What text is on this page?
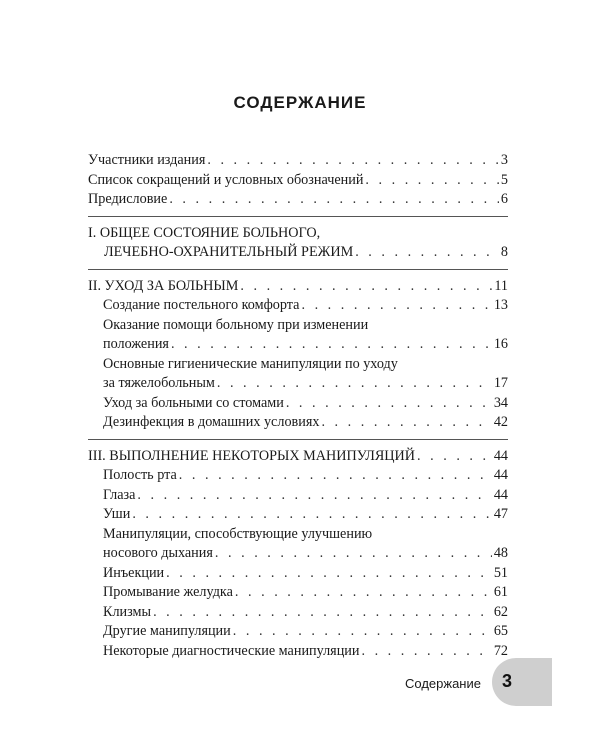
СОДЕРЖАНИЕ
Участники издания . . .	3
Список сокращений и условных обозначений . . .	5
Предисловие . . .	6
I. ОБЩЕЕ СОСТОЯНИЕ БОЛЬНОГО,
ЛЕЧЕБНО-ОХРАНИТЕЛЬНЫЙ РЕЖИМ . . .	8
II. УХОД ЗА БОЛЬНЫМ . . .	11
Создание постельного комфорта . . .	13
Оказание помощи больному при изменении
положения . . .	16
Основные гигиенические манипуляции по уходу
за тяжелобольным . . .	17
Уход за больными со стомами . . .	34
Дезинфекция в домашних условиях . . .	42
III. ВЫПОЛНЕНИЕ НЕКОТОРЫХ МАНИПУЛЯЦИЙ . . .	44
Полость рта . . .	44
Глаза . . .	44
Уши . . .	47
Манипуляции, способствующие улучшению
носового дыхания . . .	48
Инъекции . . .	51
Промывание желудка . . .	61
Клизмы . . .	62
Другие манипуляции . . .	65
Некоторые диагностические манипуляции . . .	72
Содержание 3
